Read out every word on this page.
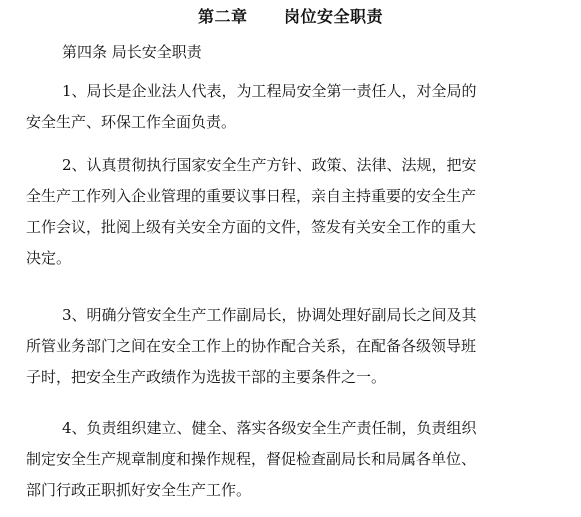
第二章      岗位安全职责
第四条 局长安全职责
1、局长是企业法人代表，为工程局安全第一责任人，对全局的
安全生产、环保工作全面负责。
2、认真贯彻执行国家安全生产方针、政策、法律、法规，把安
全生产工作列入企业管理的重要议事日程，亲自主持重要的安全生产
工作会议，批阅上级有关安全方面的文件，签发有关安全工作的重大
决定。
3、明确分管安全生产工作副局长，协调处理好副局长之间及其
所管业务部门之间在安全工作上的协作配合关系，在配备各级领导班
子时，把安全生产政绩作为选拔干部的主要条件之一。
4、负责组织建立、健全、落实各级安全生产责任制，负责组织
制定安全生产规章制度和操作规程，督促检查副局长和局属各单位、
部门行政正职抓好安全生产工作。
